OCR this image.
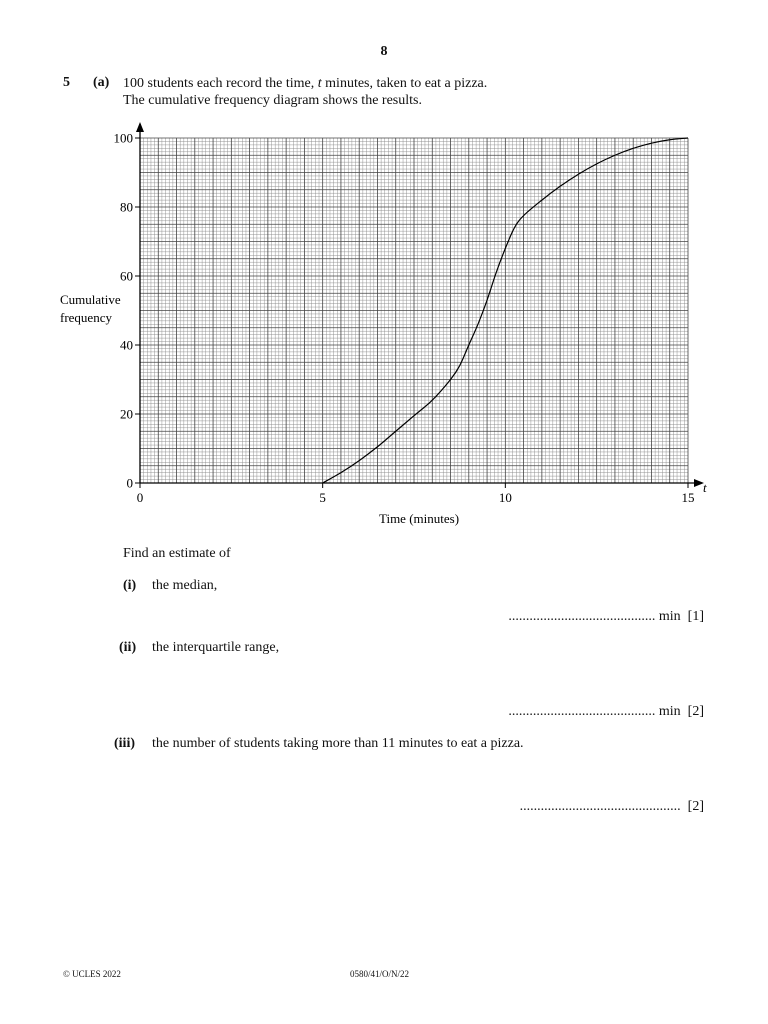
8
5 (a) 100 students each record the time, t minutes, taken to eat a pizza.
The cumulative frequency diagram shows the results.
0	5	10	15
0
20
40
60
80
100
Cumulative
frequency
Time (minutes)
t
Find an estimate of
(i) the median,
.......................................... min [1]
(ii) the interquartile range,
.......................................... min [2]
(iii) the number of students taking more than 11 minutes to eat a pizza.
.............................................. [2]
© UCLES 2022	0580/41/O/N/22
